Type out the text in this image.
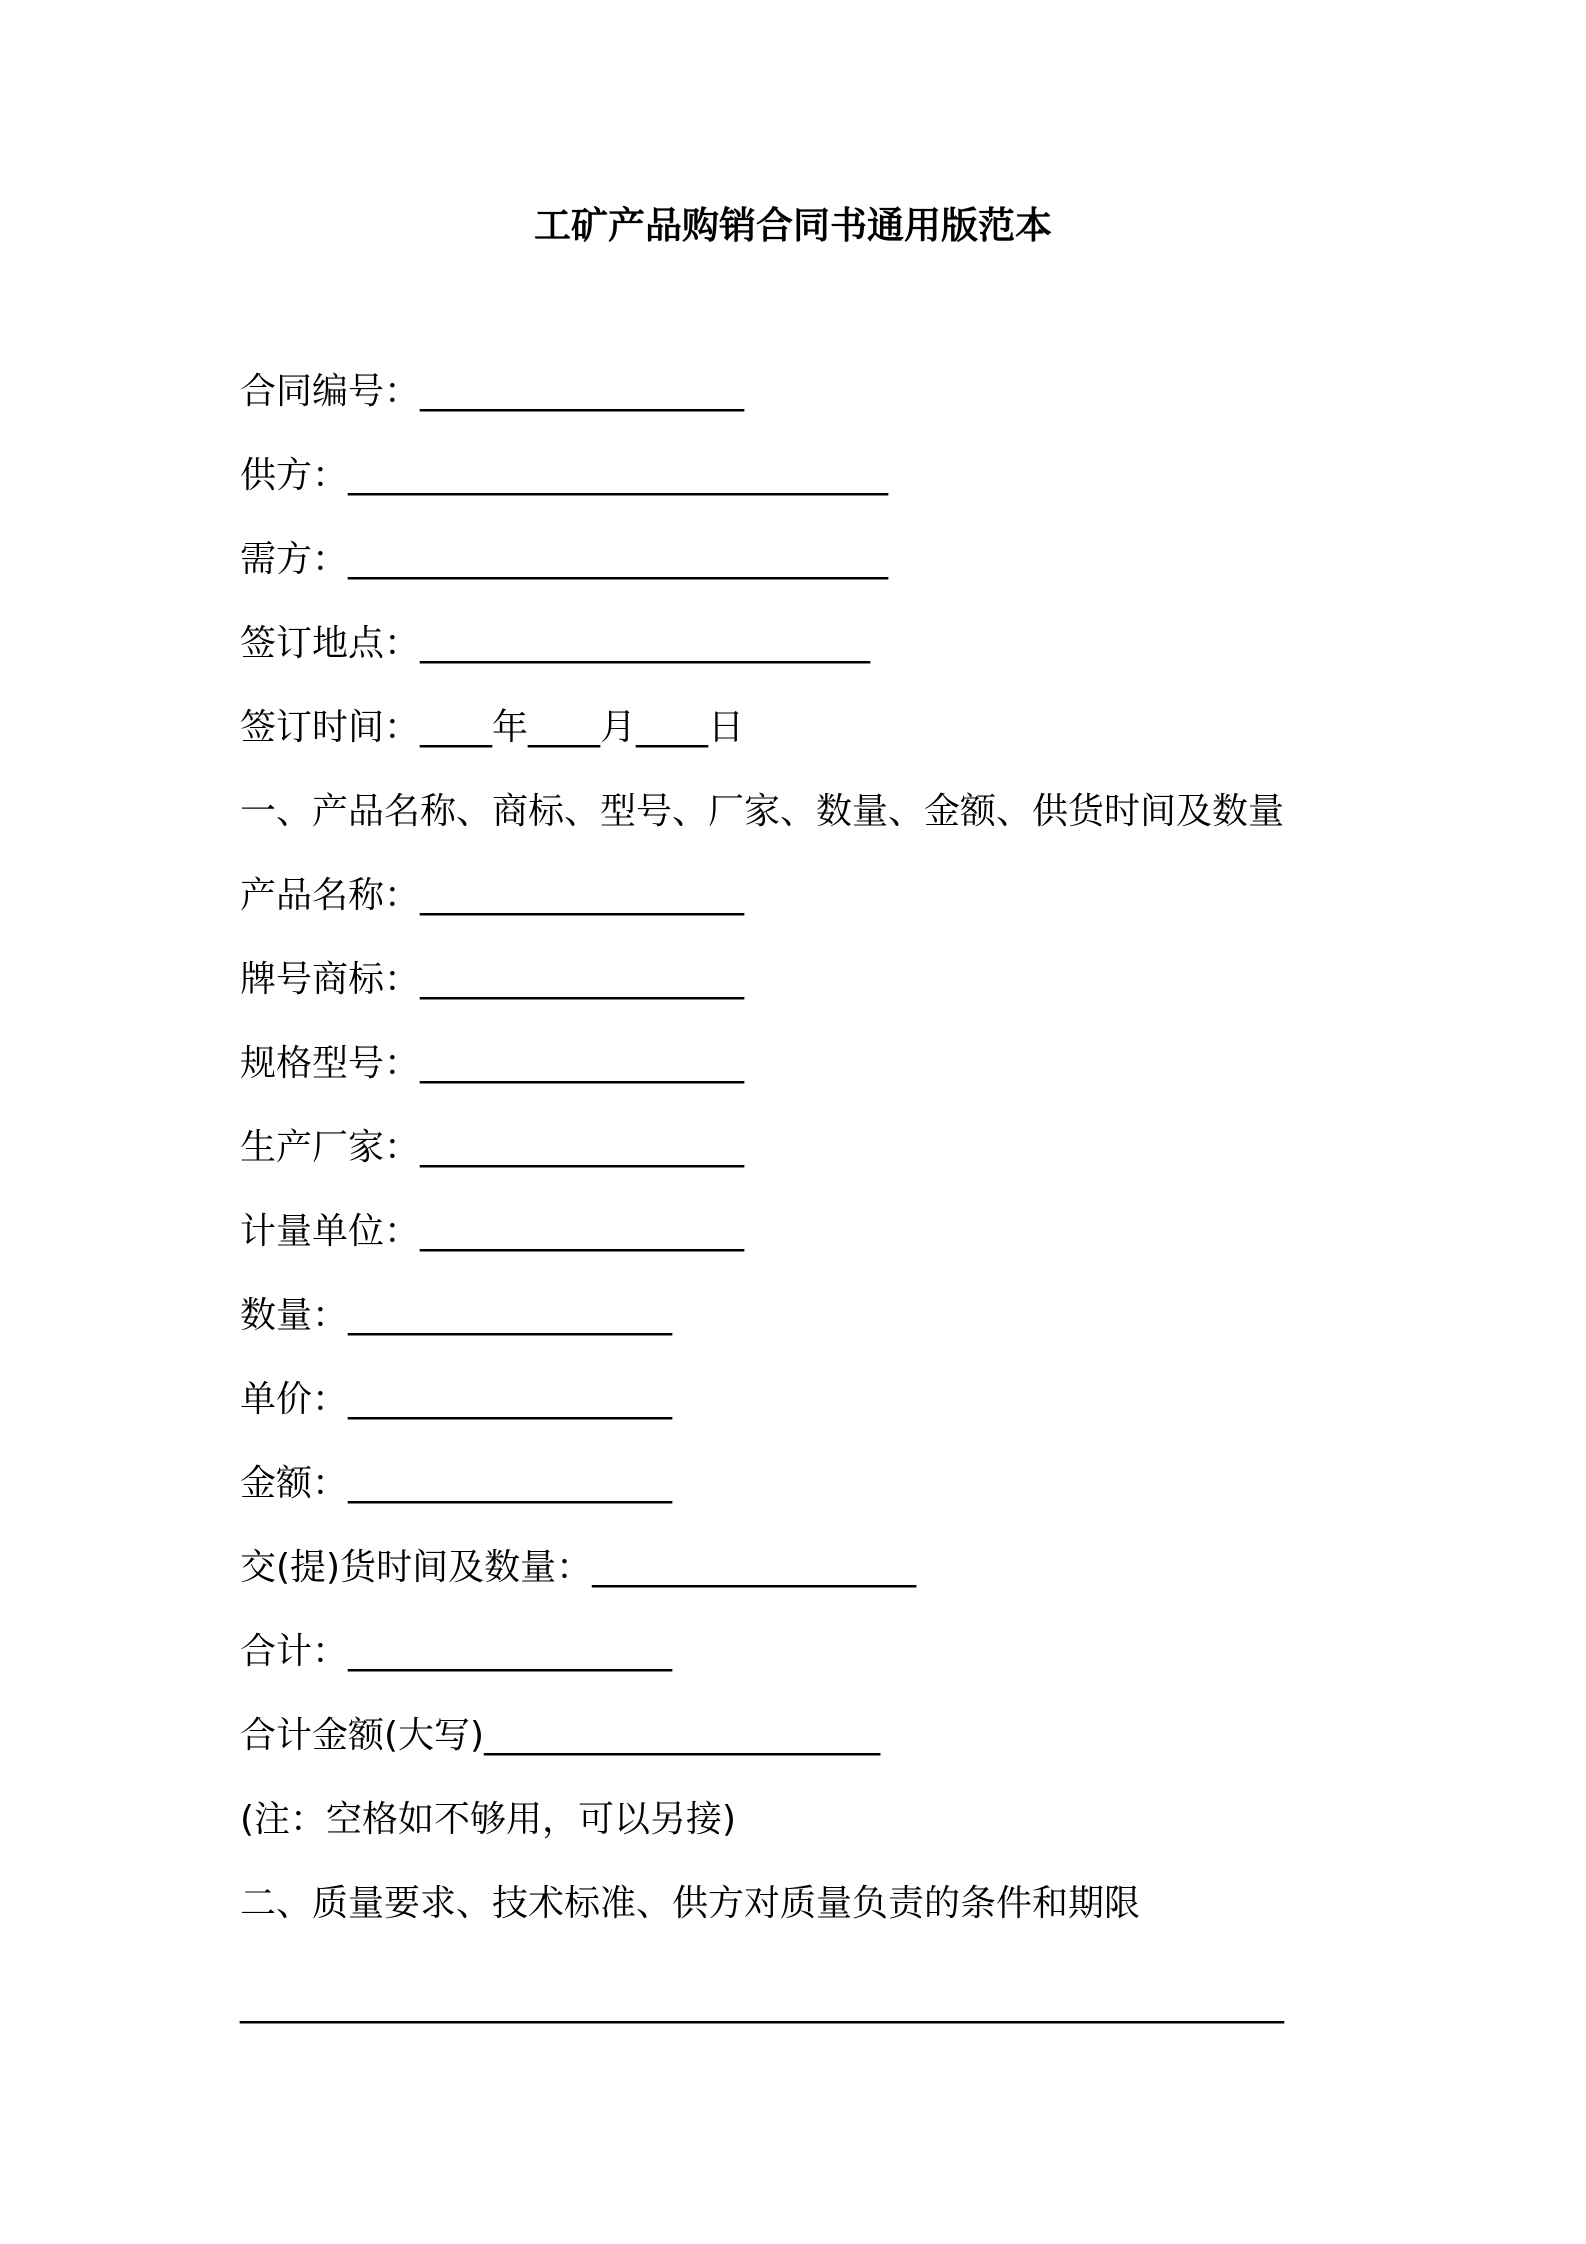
工矿产品购销合同书通用版范本
合同编号：__________________
供方：______________________________
需方：______________________________
签订地点：_________________________
签订时间：____年____月____日
一、产品名称、商标、型号、厂家、数量、金额、供货时间及数量
产品名称：__________________
牌号商标：__________________
规格型号：__________________
生产厂家：__________________
计量单位：__________________
数量：__________________
单价：__________________
金额：__________________
交(提)货时间及数量：__________________
合计：__________________
合计金额(大写)______________________
(注：空格如不够用，可以另接)
二、质量要求、技术标准、供方对质量负责的条件和期限
__________________________________________________________
